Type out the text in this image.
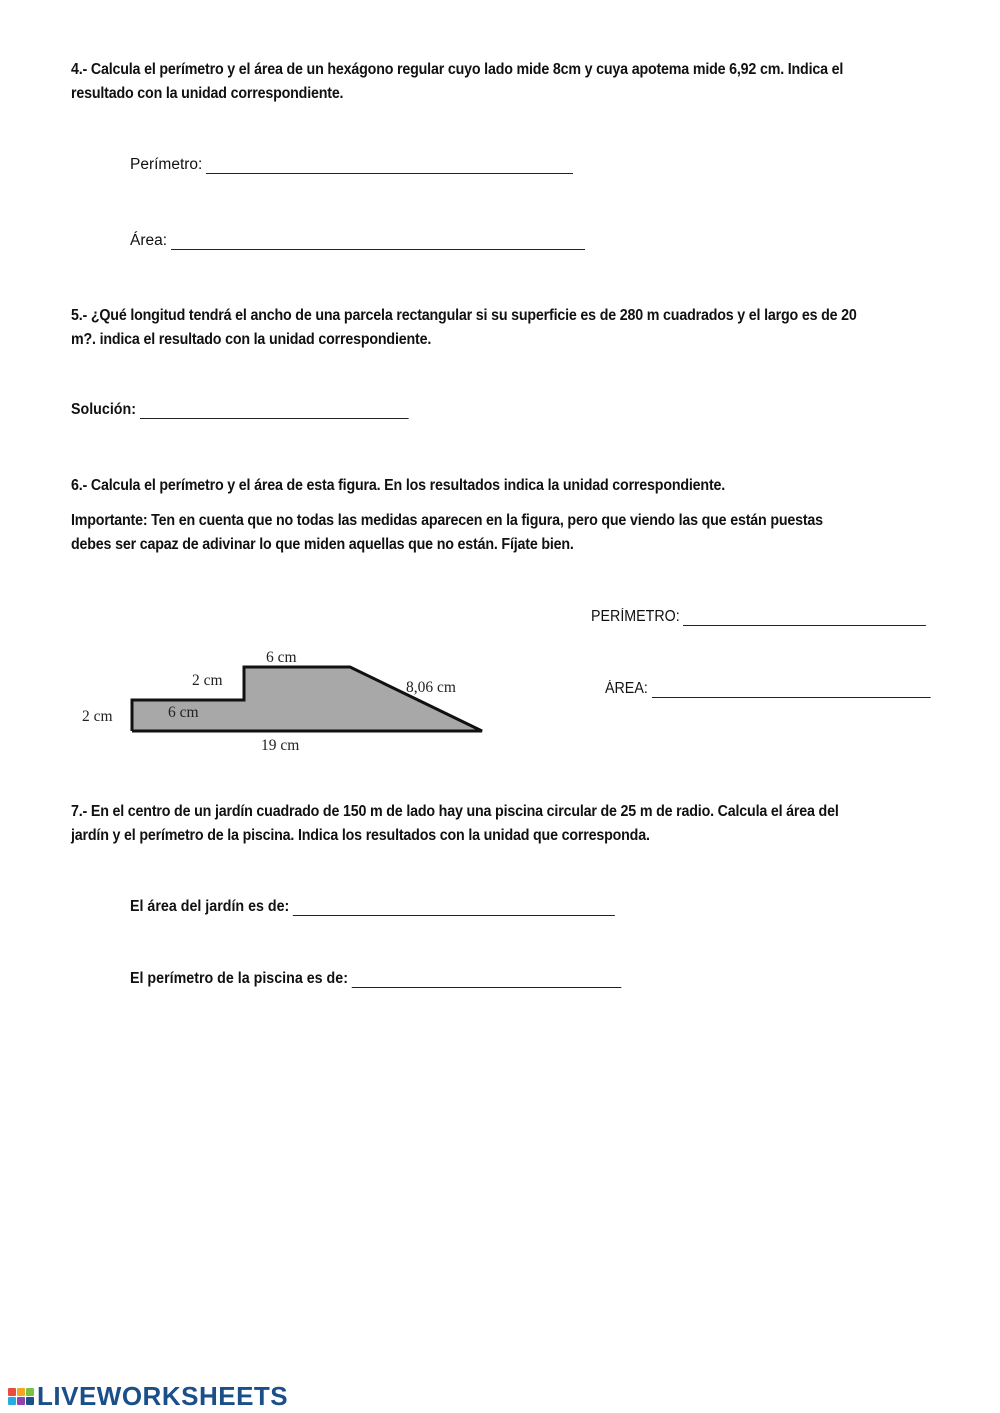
4.- Calcula el perímetro y el área de un hexágono regular cuyo lado mide 8cm y cuya apotema mide 6,92 cm. Indica el
resultado con la unidad correspondiente.
Perímetro:
Área:
5.- ¿Qué longitud tendrá el ancho de una parcela rectangular si su superficie es de 280 m cuadrados y el largo es de 20
m?. indica el resultado con la unidad correspondiente.
Solución:
6.- Calcula el perímetro y el área de esta figura. En los resultados indica la unidad correspondiente.
Importante: Ten en cuenta que no todas las medidas aparecen en la figura, pero que viendo las que están puestas
debes ser capaz de adivinar lo que miden aquellas que no están. Fíjate bien.
6 cm
2 cm
2 cm	6 cm
8,06 cm
19 cm
PERÍMETRO:
ÁREA:
7.- En el centro de un jardín cuadrado de 150 m de lado hay una piscina circular de 25 m de radio. Calcula el área del
jardín y el perímetro de la piscina. Indica los resultados con la unidad que corresponda.
El área del jardín es de:
El perímetro de la piscina es de:
LIVEWORKSHEETS
